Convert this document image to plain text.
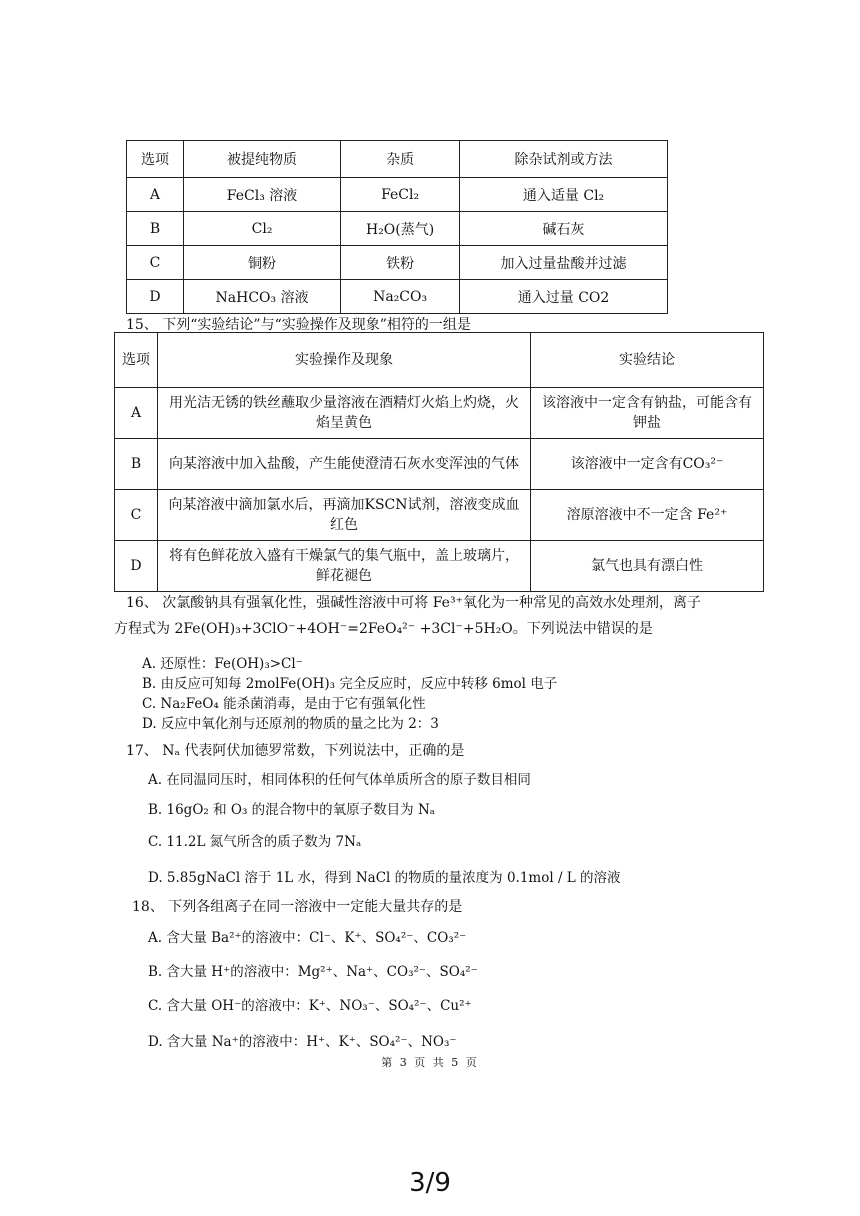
选项	被提纯物质	杂质	除杂试剂或方法
A	FeCl₃ 溶液	FeCl₂	通入适量 Cl₂
B	Cl₂	H₂O(蒸气)	碱石灰
C	铜粉	铁粉	加入过量盐酸并过滤
D	NaHCO₃ 溶液	Na₂CO₃	通入过量 CO2
15、 下列“实验结论”与“实验操作及现象”相符的一组是
选项	实验操作及现象	实验结论
A	用光洁无锈的铁丝蘸取少量溶液在酒精灯火焰上灼烧，火焰呈黄色	该溶液中一定含有钠盐，可能含有钾盐
B	向某溶液中加入盐酸，产生能使澄清石灰水变浑浊的气体	该溶液中一定含有CO₃²⁻
C	向某溶液中滴加氯水后，再滴加KSCN试剂，溶液变成血红色	溶原溶液中不一定含 Fe²⁺
D	将有色鲜花放入盛有干燥氯气的集气瓶中，盖上玻璃片，鲜花褪色	氯气也具有漂白性
16、 次氯酸钠具有强氧化性，强碱性溶液中可将 Fe³⁺氧化为一种常见的高效水处理剂，离子
方程式为 2Fe(OH)₃+3ClO⁻+4OH⁻=2FeO₄²⁻ +3Cl⁻+5H₂O。下列说法中错误的是
A. 还原性：Fe(OH)₃>Cl⁻
B. 由反应可知每 2molFe(OH)₃ 完全反应时，反应中转移 6mol 电子
C. Na₂FeO₄ 能杀菌消毒，是由于它有强氧化性
D. 反应中氧化剂与还原剂的物质的量之比为 2：3
17、 Nₐ 代表阿伏加德罗常数，下列说法中，正确的是
A. 在同温同压时，相同体积的任何气体单质所含的原子数目相同
B. 16gO₂ 和 O₃ 的混合物中的氧原子数目为 Nₐ
C. 11.2L 氮气所含的质子数为 7Nₐ
D. 5.85gNaCl 溶于 1L 水，得到 NaCl 的物质的量浓度为 0.1mol / L 的溶液
18、 下列各组离子在同一溶液中一定能大量共存的是
A. 含大量 Ba²⁺的溶液中：Cl⁻、K⁺、SO₄²⁻、CO₃²⁻
B. 含大量 H⁺的溶液中：Mg²⁺、Na⁺、CO₃²⁻、SO₄²⁻
C. 含大量 OH⁻的溶液中：K⁺、NO₃⁻、SO₄²⁻、Cu²⁺
D. 含大量 Na⁺的溶液中：H⁺、K⁺、SO₄²⁻、NO₃⁻
第 3 页 共 5 页
3/9
